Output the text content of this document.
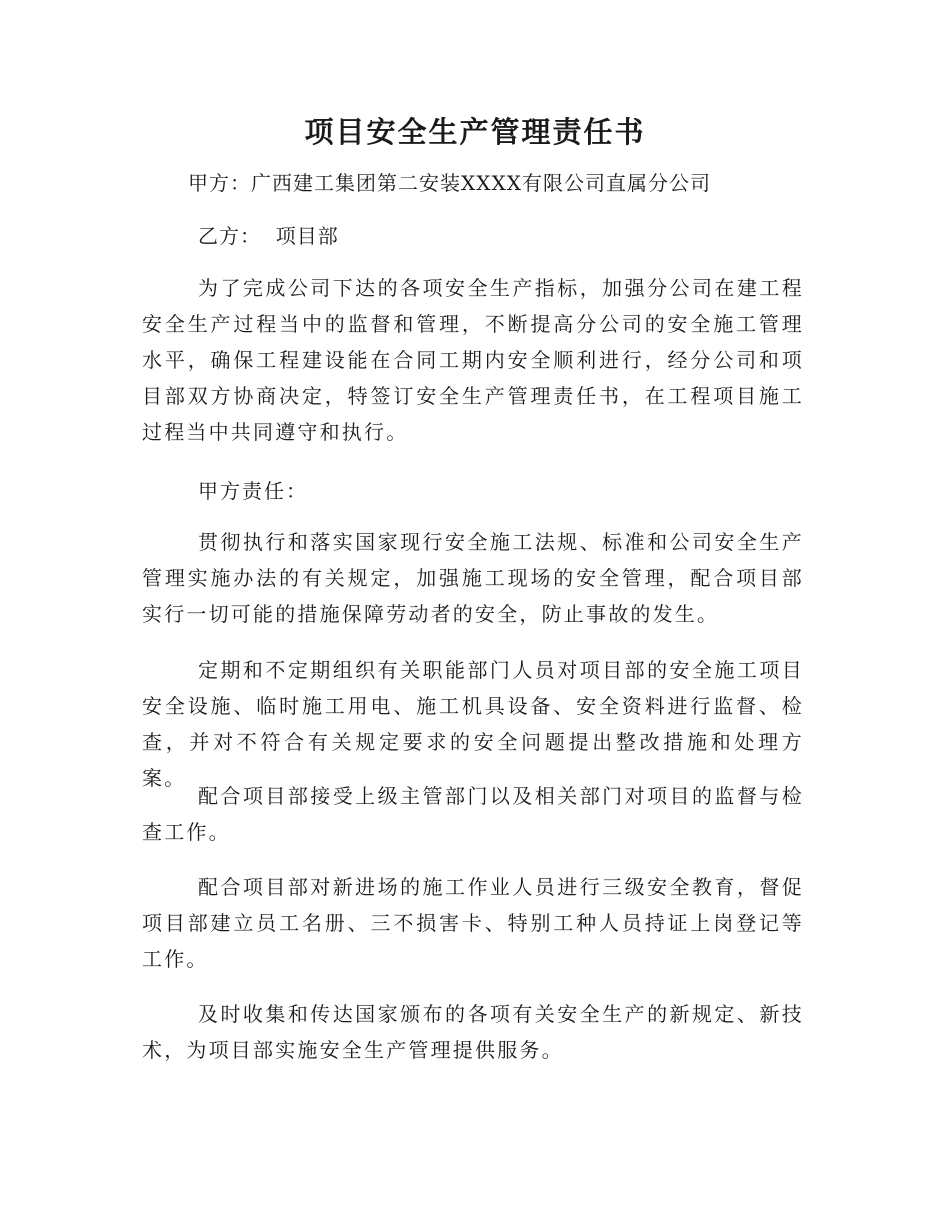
项目安全生产管理责任书
甲方：广西建工集团第二安装XXXX有限公司直属分公司
乙方：  项目部

为了完成公司下达的各项安全生产指标，加强分公司在建工程安全生产过程当中的监督和管理，不断提高分公司的安全施工管理水平，确保工程建设能在合同工期内安全顺利进行，经分公司和项目部双方协商决定，特签订安全生产管理责任书，在工程项目施工过程当中共同遵守和执行。

甲方责任：

贯彻执行和落实国家现行安全施工法规、标准和公司安全生产管理实施办法的有关规定，加强施工现场的安全管理，配合项目部实行一切可能的措施保障劳动者的安全，防止事故的发生。

定期和不定期组织有关职能部门人员对项目部的安全施工项目安全设施、临时施工用电、施工机具设备、安全资料进行监督、检查，并对不符合有关规定要求的安全问题提出整改措施和处理方案。

配合项目部接受上级主管部门以及相关部门对项目的监督与检查工作。

配合项目部对新进场的施工作业人员进行三级安全教育，督促项目部建立员工名册、三不损害卡、特别工种人员持证上岗登记等工作。

及时收集和传达国家颁布的各项有关安全生产的新规定、新技术，为项目部实施安全生产管理提供服务。
